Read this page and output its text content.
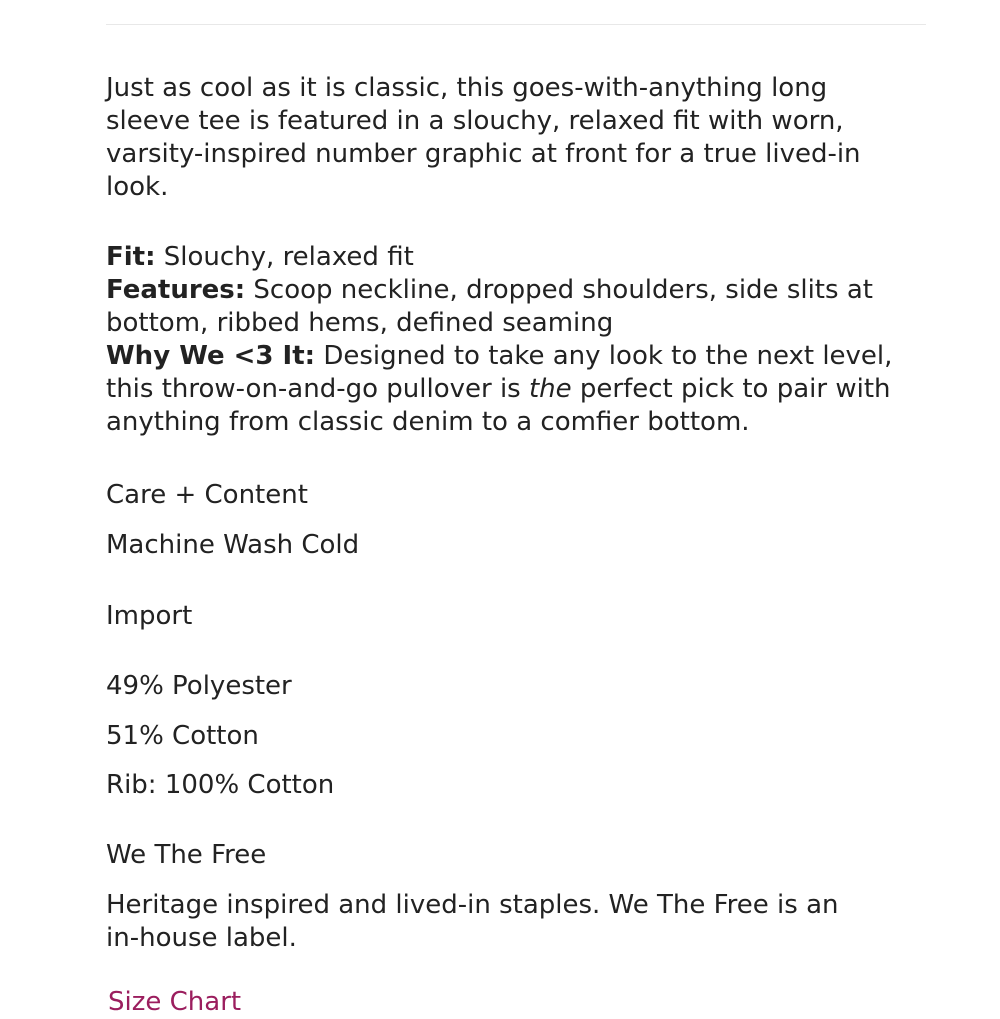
Just as cool as it is classic, this goes-with-anything long sleeve tee is featured in a slouchy, relaxed fit with worn, varsity-inspired number graphic at front for a true lived-in look.

Fit: Slouchy, relaxed fit

Features: Scoop neckline, dropped shoulders, side slits at bottom, ribbed hems, defined seaming

Why We <3 It: Designed to take any look to the next level, this throw-on-and-go pullover is the perfect pick to pair with anything from classic denim to a comfier bottom.

Care + Content

Machine Wash Cold

Import

49% Polyester

51% Cotton

Rib: 100% Cotton

We The Free

Heritage inspired and lived-in staples. We The Free is an in-house label.

Size Chart
